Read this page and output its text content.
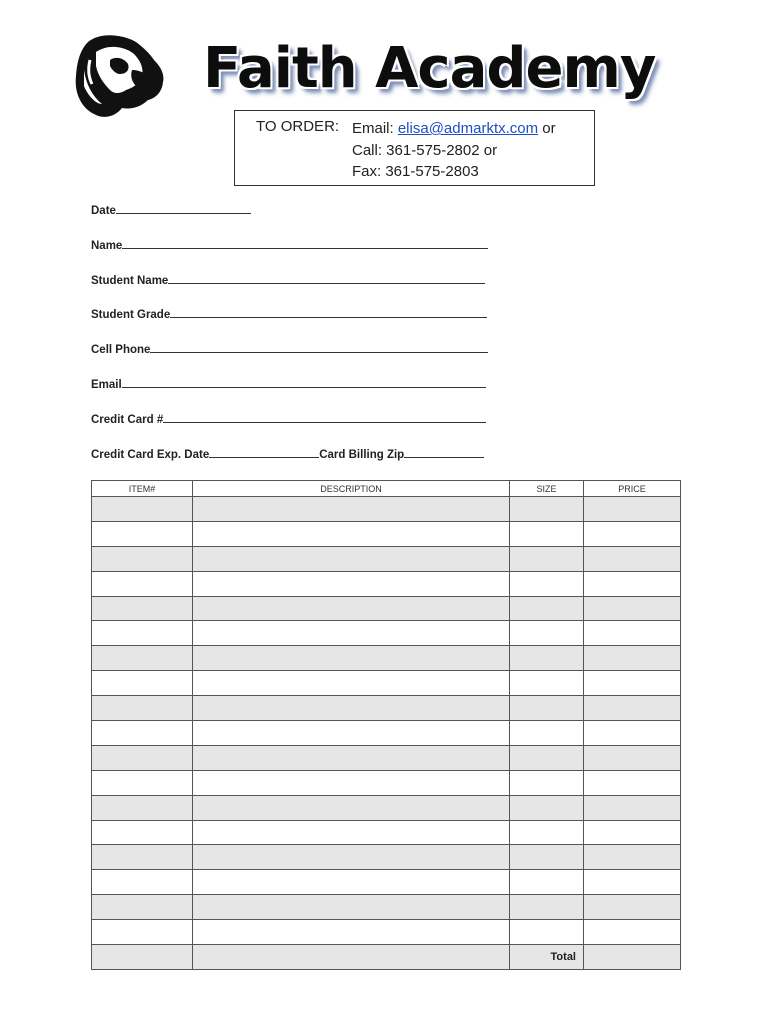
Faith Academy
TO ORDER: Email: elisa@admarktx.com or
Call: 361-575-2802 or
Fax: 361-575-2803
Date
Name
Student Name
Student Grade
Cell Phone
Email
Credit Card #
Credit Card Exp. Date	Card Billing Zip
ITEM#	DESCRIPTION	SIZE	PRICE

		Total	
